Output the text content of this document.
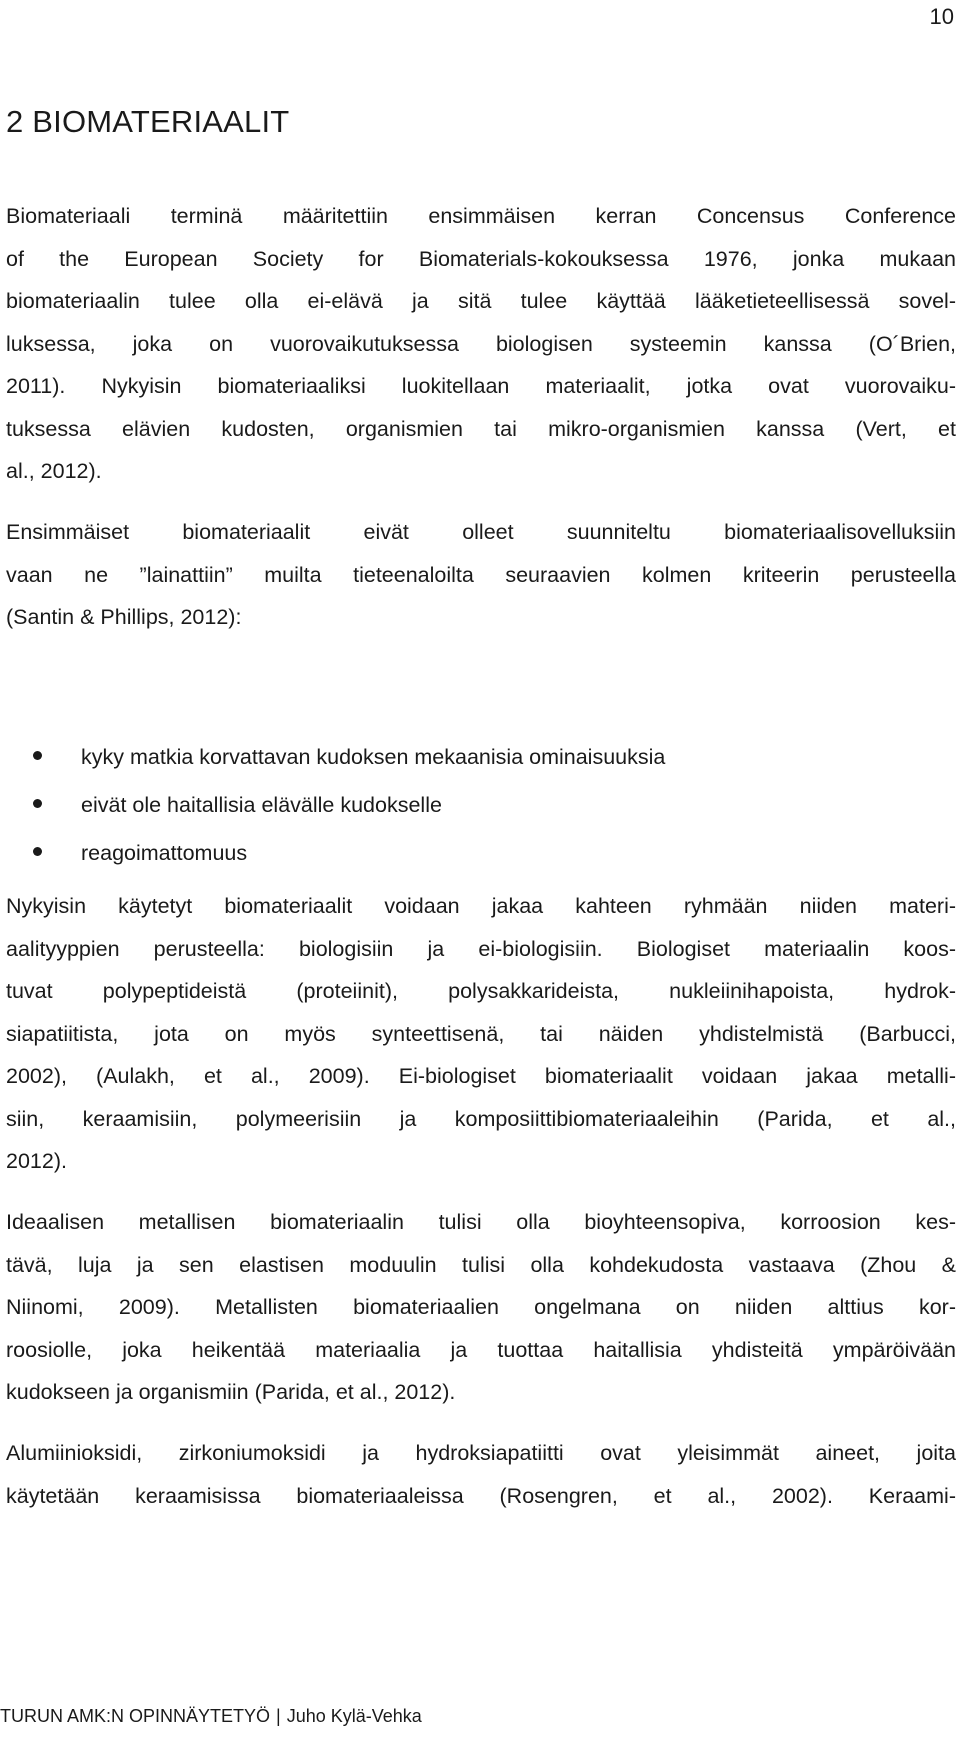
10
2 BIOMATERIAALIT

Biomateriaali terminä määritettiin ensimmäisen kerran Concensus Conference
of the European Society for Biomaterials-kokouksessa 1976, jonka mukaan
biomateriaalin tulee olla ei-elävä ja sitä tulee käyttää lääketieteellisessä sovel-
luksessa, joka on vuorovaikutuksessa biologisen systeemin kanssa (O´Brien,
2011). Nykyisin biomateriaaliksi luokitellaan materiaalit, jotka ovat vuorovaiku-
tuksessa elävien kudosten, organismien tai mikro-organismien kanssa (Vert, et
al., 2012).

Ensimmäiset biomateriaalit eivät olleet suunniteltu biomateriaalisovelluksiin
vaan ne ”lainattiin” muilta tieteenaloilta seuraavien kolmen kriteerin perusteella
(Santin & Phillips, 2012):

kyky matkia korvattavan kudoksen mekaanisia ominaisuuksia
eivät ole haitallisia elävälle kudokselle
reagoimattomuus

Nykyisin käytetyt biomateriaalit voidaan jakaa kahteen ryhmään niiden materi-
aalityyppien perusteella: biologisiin ja ei-biologisiin. Biologiset materiaalin koos-
tuvat polypeptideistä (proteiinit), polysakkarideista, nukleiinihapoista, hydrok-
siapatiitista, jota on myös synteettisenä, tai näiden yhdistelmistä (Barbucci,
2002), (Aulakh, et al., 2009). Ei-biologiset biomateriaalit voidaan jakaa metalli-
siin, keraamisiin, polymeerisiin ja komposiittibiomateriaaleihin (Parida, et al.,
2012).

Ideaalisen metallisen biomateriaalin tulisi olla bioyhteensopiva, korroosion kes-
tävä, luja ja sen elastisen moduulin tulisi olla kohdekudosta vastaava (Zhou &
Niinomi, 2009). Metallisten biomateriaalien ongelmana on niiden alttius kor-
roosiolle, joka heikentää materiaalia ja tuottaa haitallisia yhdisteitä ympäröivään
kudokseen ja organismiin (Parida, et al., 2012).

Alumiinioksidi, zirkoniumoksidi ja hydroksiapatiitti ovat yleisimmät aineet, joita
käytetään keraamisissa biomateriaaleissa (Rosengren, et al., 2002). Keraami-

TURUN AMK:N OPINNÄYTETYÖ | Juho Kylä-Vehka
